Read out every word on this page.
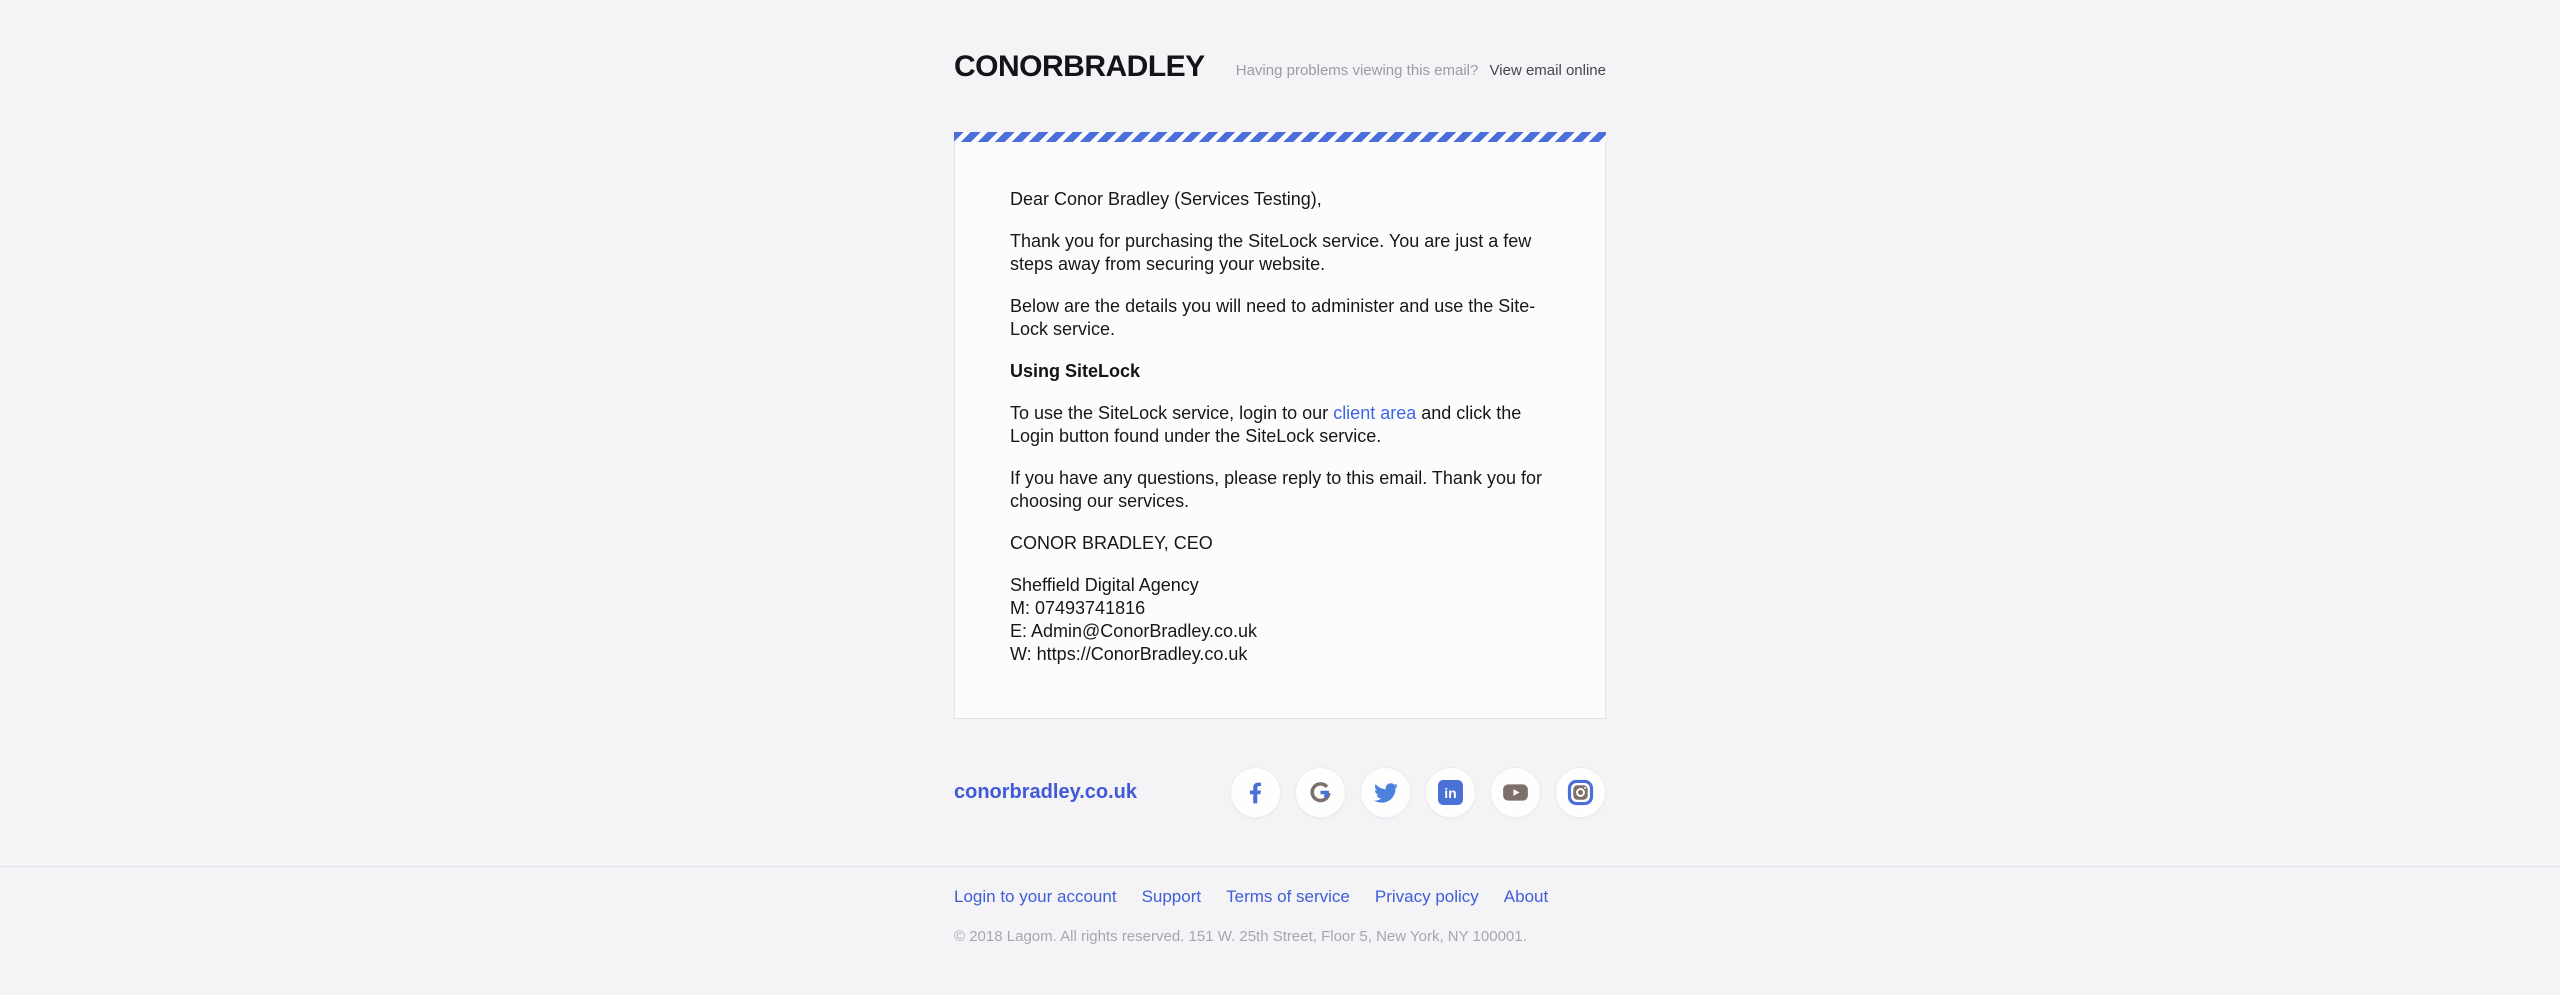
CONORBRADLEY Having problems viewing this email? View email online

Dear Conor Bradley (Services Testing),

Thank you for purchasing the SiteLock service. You are just a few steps away from securing your website.

Below are the details you will need to administer and use the Site-Lock service.

Using SiteLock

To use the SiteLock service, login to our client area and click the Login button found under the SiteLock service.

If you have any questions, please reply to this email. Thank you for choosing our services.

CONOR BRADLEY, CEO

Sheffield Digital Agency
M: 07493741816
E: Admin@ConorBradley.co.uk
W: https://ConorBradley.co.uk

conorbradley.co.uk	in
Login to your account Support Terms of service Privacy policy About
© 2018 Lagom. All rights reserved. 151 W. 25th Street, Floor 5, New York, NY 100001.
